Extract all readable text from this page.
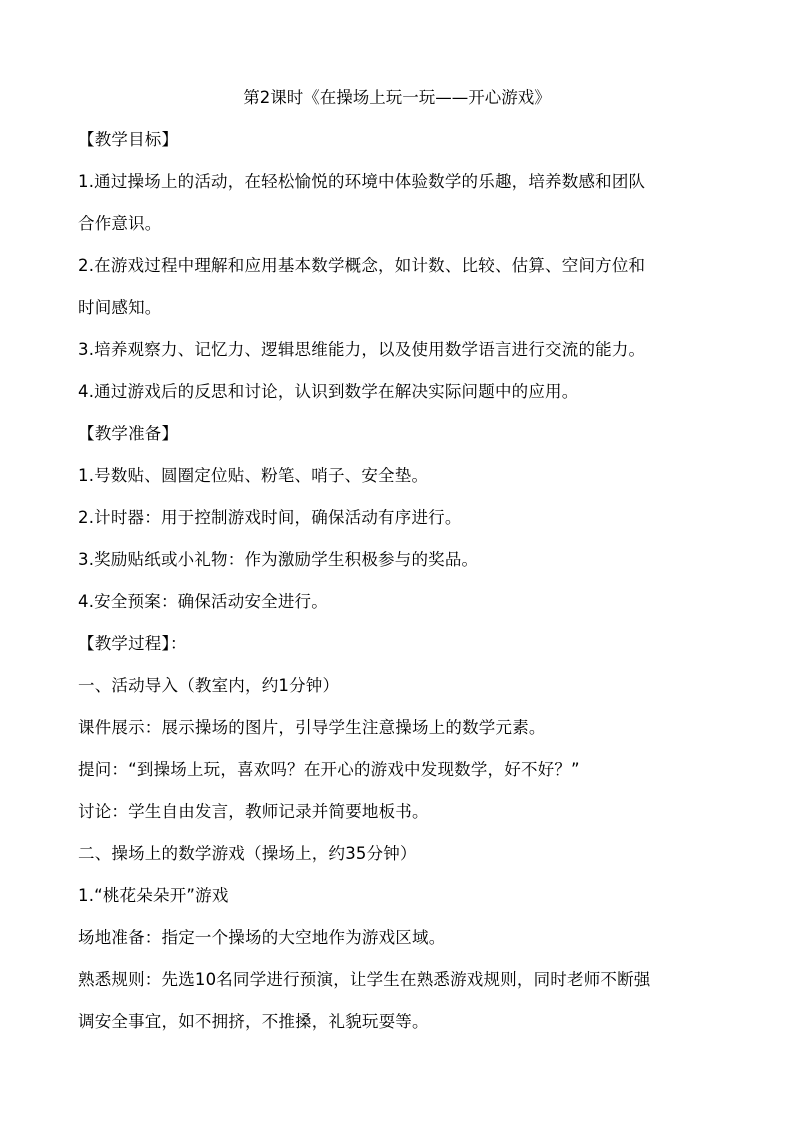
第2课时《在操场上玩一玩——开心游戏》
【教学目标】
1.通过操场上的活动，在轻松愉悦的环境中体验数学的乐趣，培养数感和团队
合作意识。
2.在游戏过程中理解和应用基本数学概念，如计数、比较、估算、空间方位和
时间感知。
3.培养观察力、记忆力、逻辑思维能力，以及使用数学语言进行交流的能力。
4.通过游戏后的反思和讨论，认识到数学在解决实际问题中的应用。
【教学准备】
1.号数贴、圆圈定位贴、粉笔、哨子、安全垫。
2.计时器：用于控制游戏时间，确保活动有序进行。
3.奖励贴纸或小礼物：作为激励学生积极参与的奖品。
4.安全预案：确保活动安全进行。
【教学过程】：
一、活动导入（教室内，约1分钟）
课件展示：展示操场的图片，引导学生注意操场上的数学元素。
提问：“到操场上玩，喜欢吗？在开心的游戏中发现数学，好不好？”
讨论：学生自由发言，教师记录并简要地板书。
二、操场上的数学游戏（操场上，约35分钟）
1.“桃花朵朵开”游戏
场地准备：指定一个操场的大空地作为游戏区域。
熟悉规则：先选10名同学进行预演，让学生在熟悉游戏规则，同时老师不断强
调安全事宜，如不拥挤，不推搡，礼貌玩耍等。
